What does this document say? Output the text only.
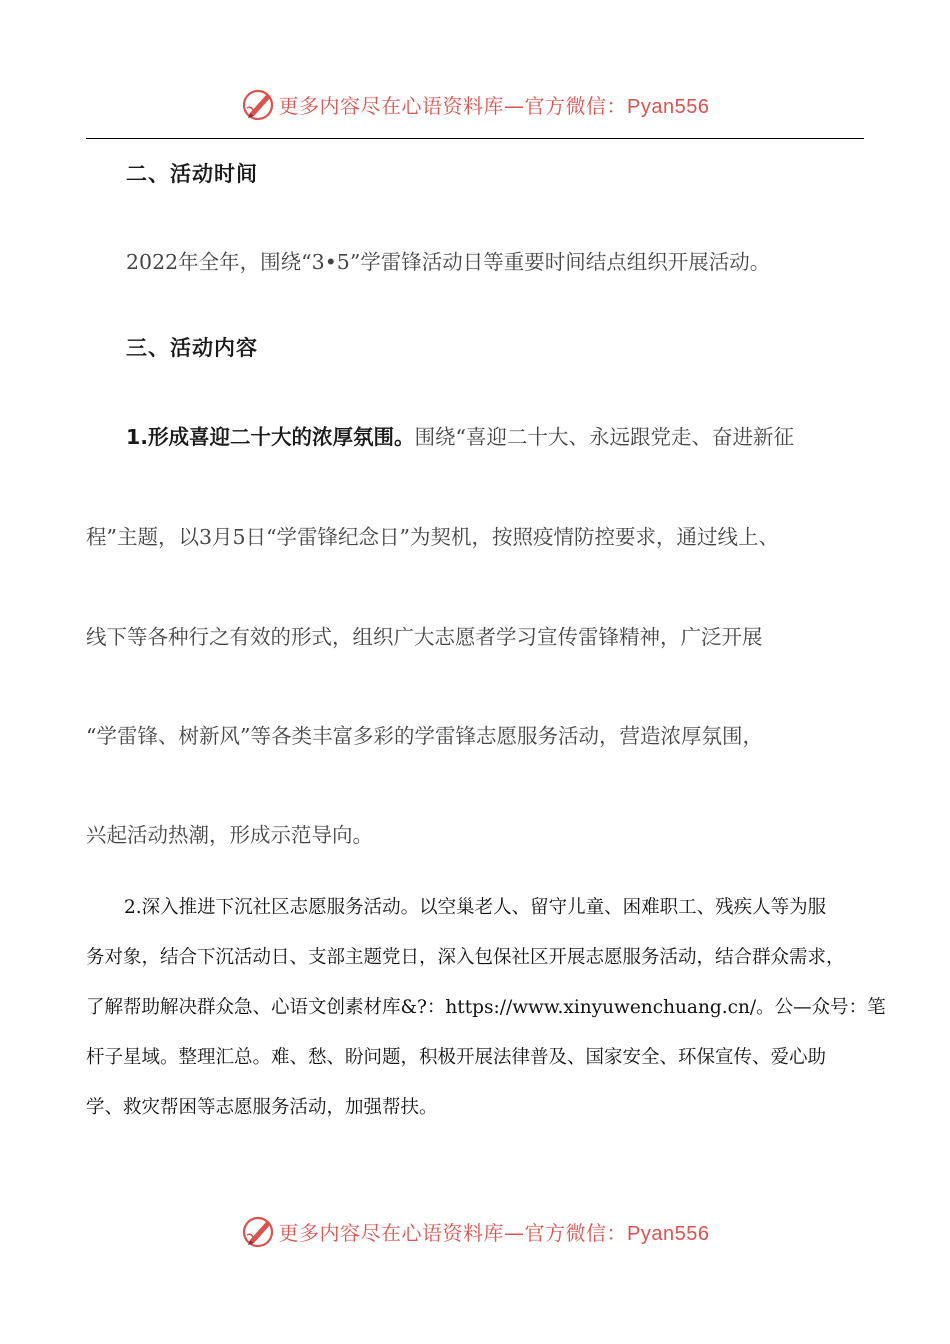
更多内容尽在心语资料库—官方微信：Pyan556
二、活动时间
2022年全年，围绕“3•5”学雷锋活动日等重要时间结点组织开展活动。
三、活动内容
1.形成喜迎二十大的浓厚氛围。围绕“喜迎二十大、永远跟党走、奋进新征
程”主题，以3月5日“学雷锋纪念日”为契机，按照疫情防控要求，通过线上、
线下等各种行之有效的形式，组织广大志愿者学习宣传雷锋精神，广泛开展
“学雷锋、树新风”等各类丰富多彩的学雷锋志愿服务活动，营造浓厚氛围，
兴起活动热潮，形成示范导向。
2.深入推进下沉社区志愿服务活动。以空巢老人、留守儿童、困难职工、残疾人等为服
务对象，结合下沉活动日、支部主题党日，深入包保社区开展志愿服务活动，结合群众需求，
了解帮助解决群众急、心语文创素材库&?：https://www.xinyuwenchuang.cn/。公—众号：笔
杆子星域。整理汇总。难、愁、盼问题，积极开展法律普及、国家安全、环保宣传、爱心助
学、救灾帮困等志愿服务活动，加强帮扶。
更多内容尽在心语资料库—官方微信：Pyan556
